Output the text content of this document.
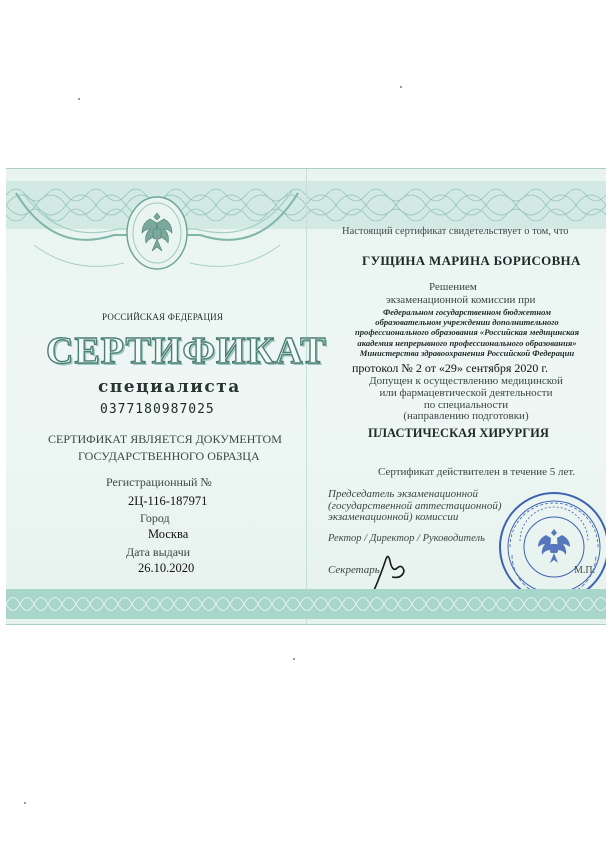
РОССИЙСКАЯ ФЕДЕРАЦИЯ
СЕРТИФИКАТ
специалиста
0377180987025
СЕРТИФИКАТ ЯВЛЯЕТСЯ ДОКУМЕНТОМ
ГОСУДАРСТВЕННОГО ОБРАЗЦА
Регистрационный №
2Ц-116-187971
Город
Москва
Дата выдачи
26.10.2020
Настоящий сертификат свидетельствует о том, что
ГУЩИНА МАРИНА БОРИСОВНА
Решением
экзаменационной комиссии при
Федеральном государственном бюджетном
образовательном учреждении дополнительного
профессионального образования «Российская медицинская
академия непрерывного профессионального образования»
Министерства здравоохранения Российской Федерации
протокол № 2 от «29» сентября 2020 г.
Допущен к осуществлению медицинской
или фармацевтической деятельности
по специальности
(направлению подготовки)
ПЛАСТИЧЕСКАЯ ХИРУРГИЯ
Сертификат действителен в течение 5 лет.
Председатель экзаменационной
(государственной аттестационной)
экзаменационной) комиссии
Ректор / Директор / Руководитель
Секретарь	М.П.
